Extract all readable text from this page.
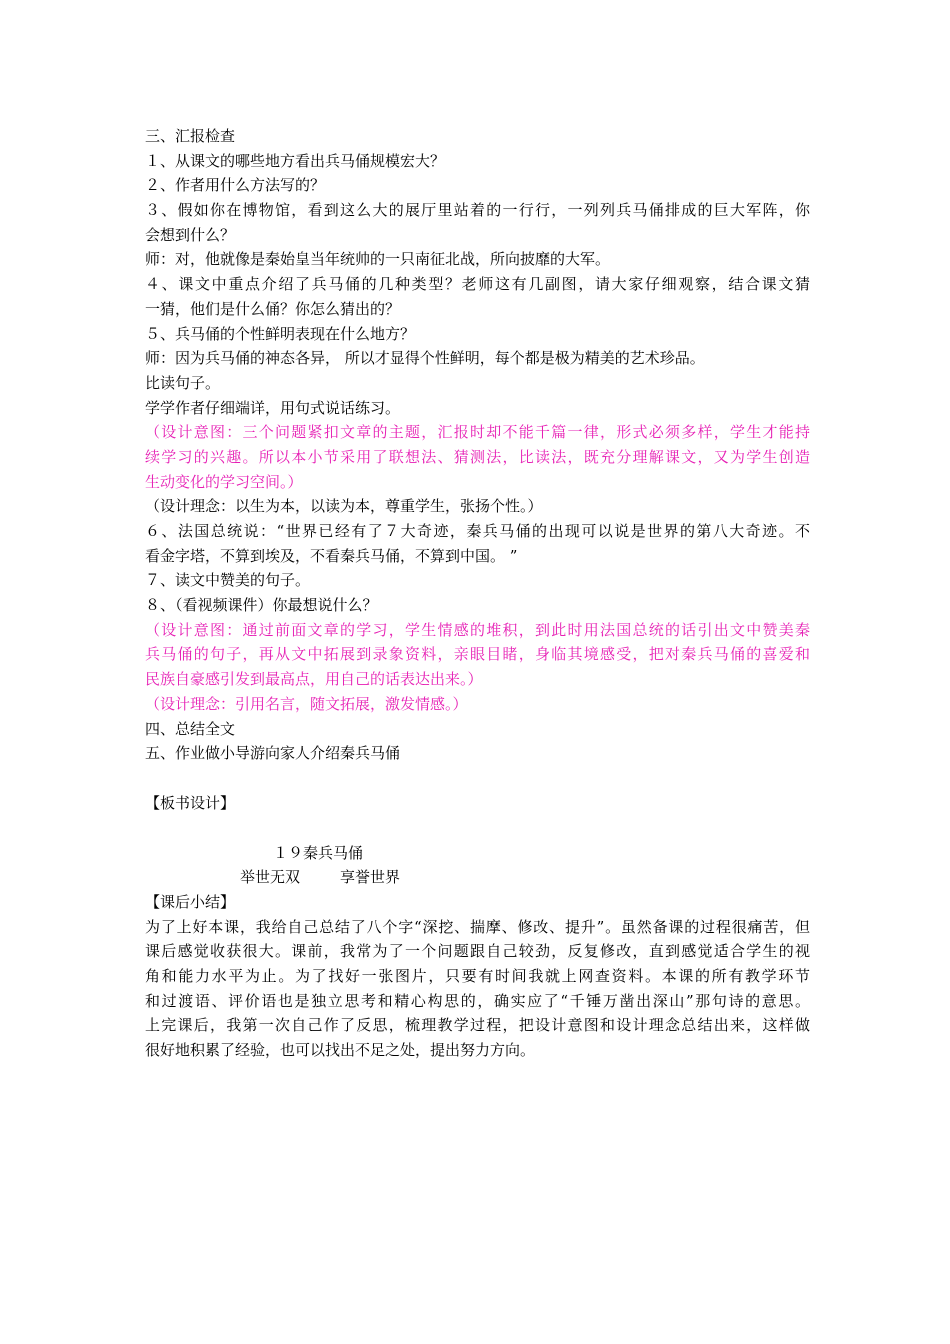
三、汇报检查
１、从课文的哪些地方看出兵马俑规模宏大？
２、作者用什么方法写的？
３、假如你在博物馆，看到这么大的展厅里站着的一行行，一列列兵马俑排成的巨大军阵，你
会想到什么？
师：对，他就像是秦始皇当年统帅的一只南征北战，所向披靡的大军。
４、课文中重点介绍了兵马俑的几种类型？老师这有几副图，请大家仔细观察，结合课文猜
一猜，他们是什么俑？你怎么猜出的？
５、兵马俑的个性鲜明表现在什么地方？
师：因为兵马俑的神态各异， 所以才显得个性鲜明，每个都是极为精美的艺术珍品。
比读句子。
学学作者仔细端详，用句式说话练习。
（设计意图：三个问题紧扣文章的主题，汇报时却不能千篇一律，形式必须多样，学生才能持
续学习的兴趣。所以本小节采用了联想法、猜测法，比读法，既充分理解课文，又为学生创造
生动变化的学习空间。）
（设计理念：以生为本，以读为本，尊重学生，张扬个性。）
６、法国总统说：“世界已经有了７大奇迹，秦兵马俑的出现可以说是世界的第八大奇迹。不
看金字塔，不算到埃及，不看秦兵马俑，不算到中国。 ”
７、读文中赞美的句子。
８、（看视频课件）你最想说什么？
（设计意图：通过前面文章的学习，学生情感的堆积，到此时用法国总统的话引出文中赞美秦
兵马俑的句子，再从文中拓展到录象资料，亲眼目睹，身临其境感受，把对秦兵马俑的喜爱和
民族自豪感引发到最高点，用自己的话表达出来。）
（设计理念：引用名言，随文拓展，激发情感。）
四、总结全文
五、作业做小导游向家人介绍秦兵马俑
【板书设计】
１９秦兵马俑
举世无双	享誉世界
【课后小结】
为了上好本课，我给自己总结了八个字“深挖、揣摩、修改、提升”。虽然备课的过程很痛苦，但
课后感觉收获很大。课前，我常为了一个问题跟自己较劲，反复修改，直到感觉适合学生的视
角和能力水平为止。为了找好一张图片，只要有时间我就上网查资料。本课的所有教学环节
和过渡语、评价语也是独立思考和精心构思的，确实应了“千锤万凿出深山”那句诗的意思。
上完课后，我第一次自己作了反思，梳理教学过程，把设计意图和设计理念总结出来，这样做
很好地积累了经验，也可以找出不足之处，提出努力方向。
